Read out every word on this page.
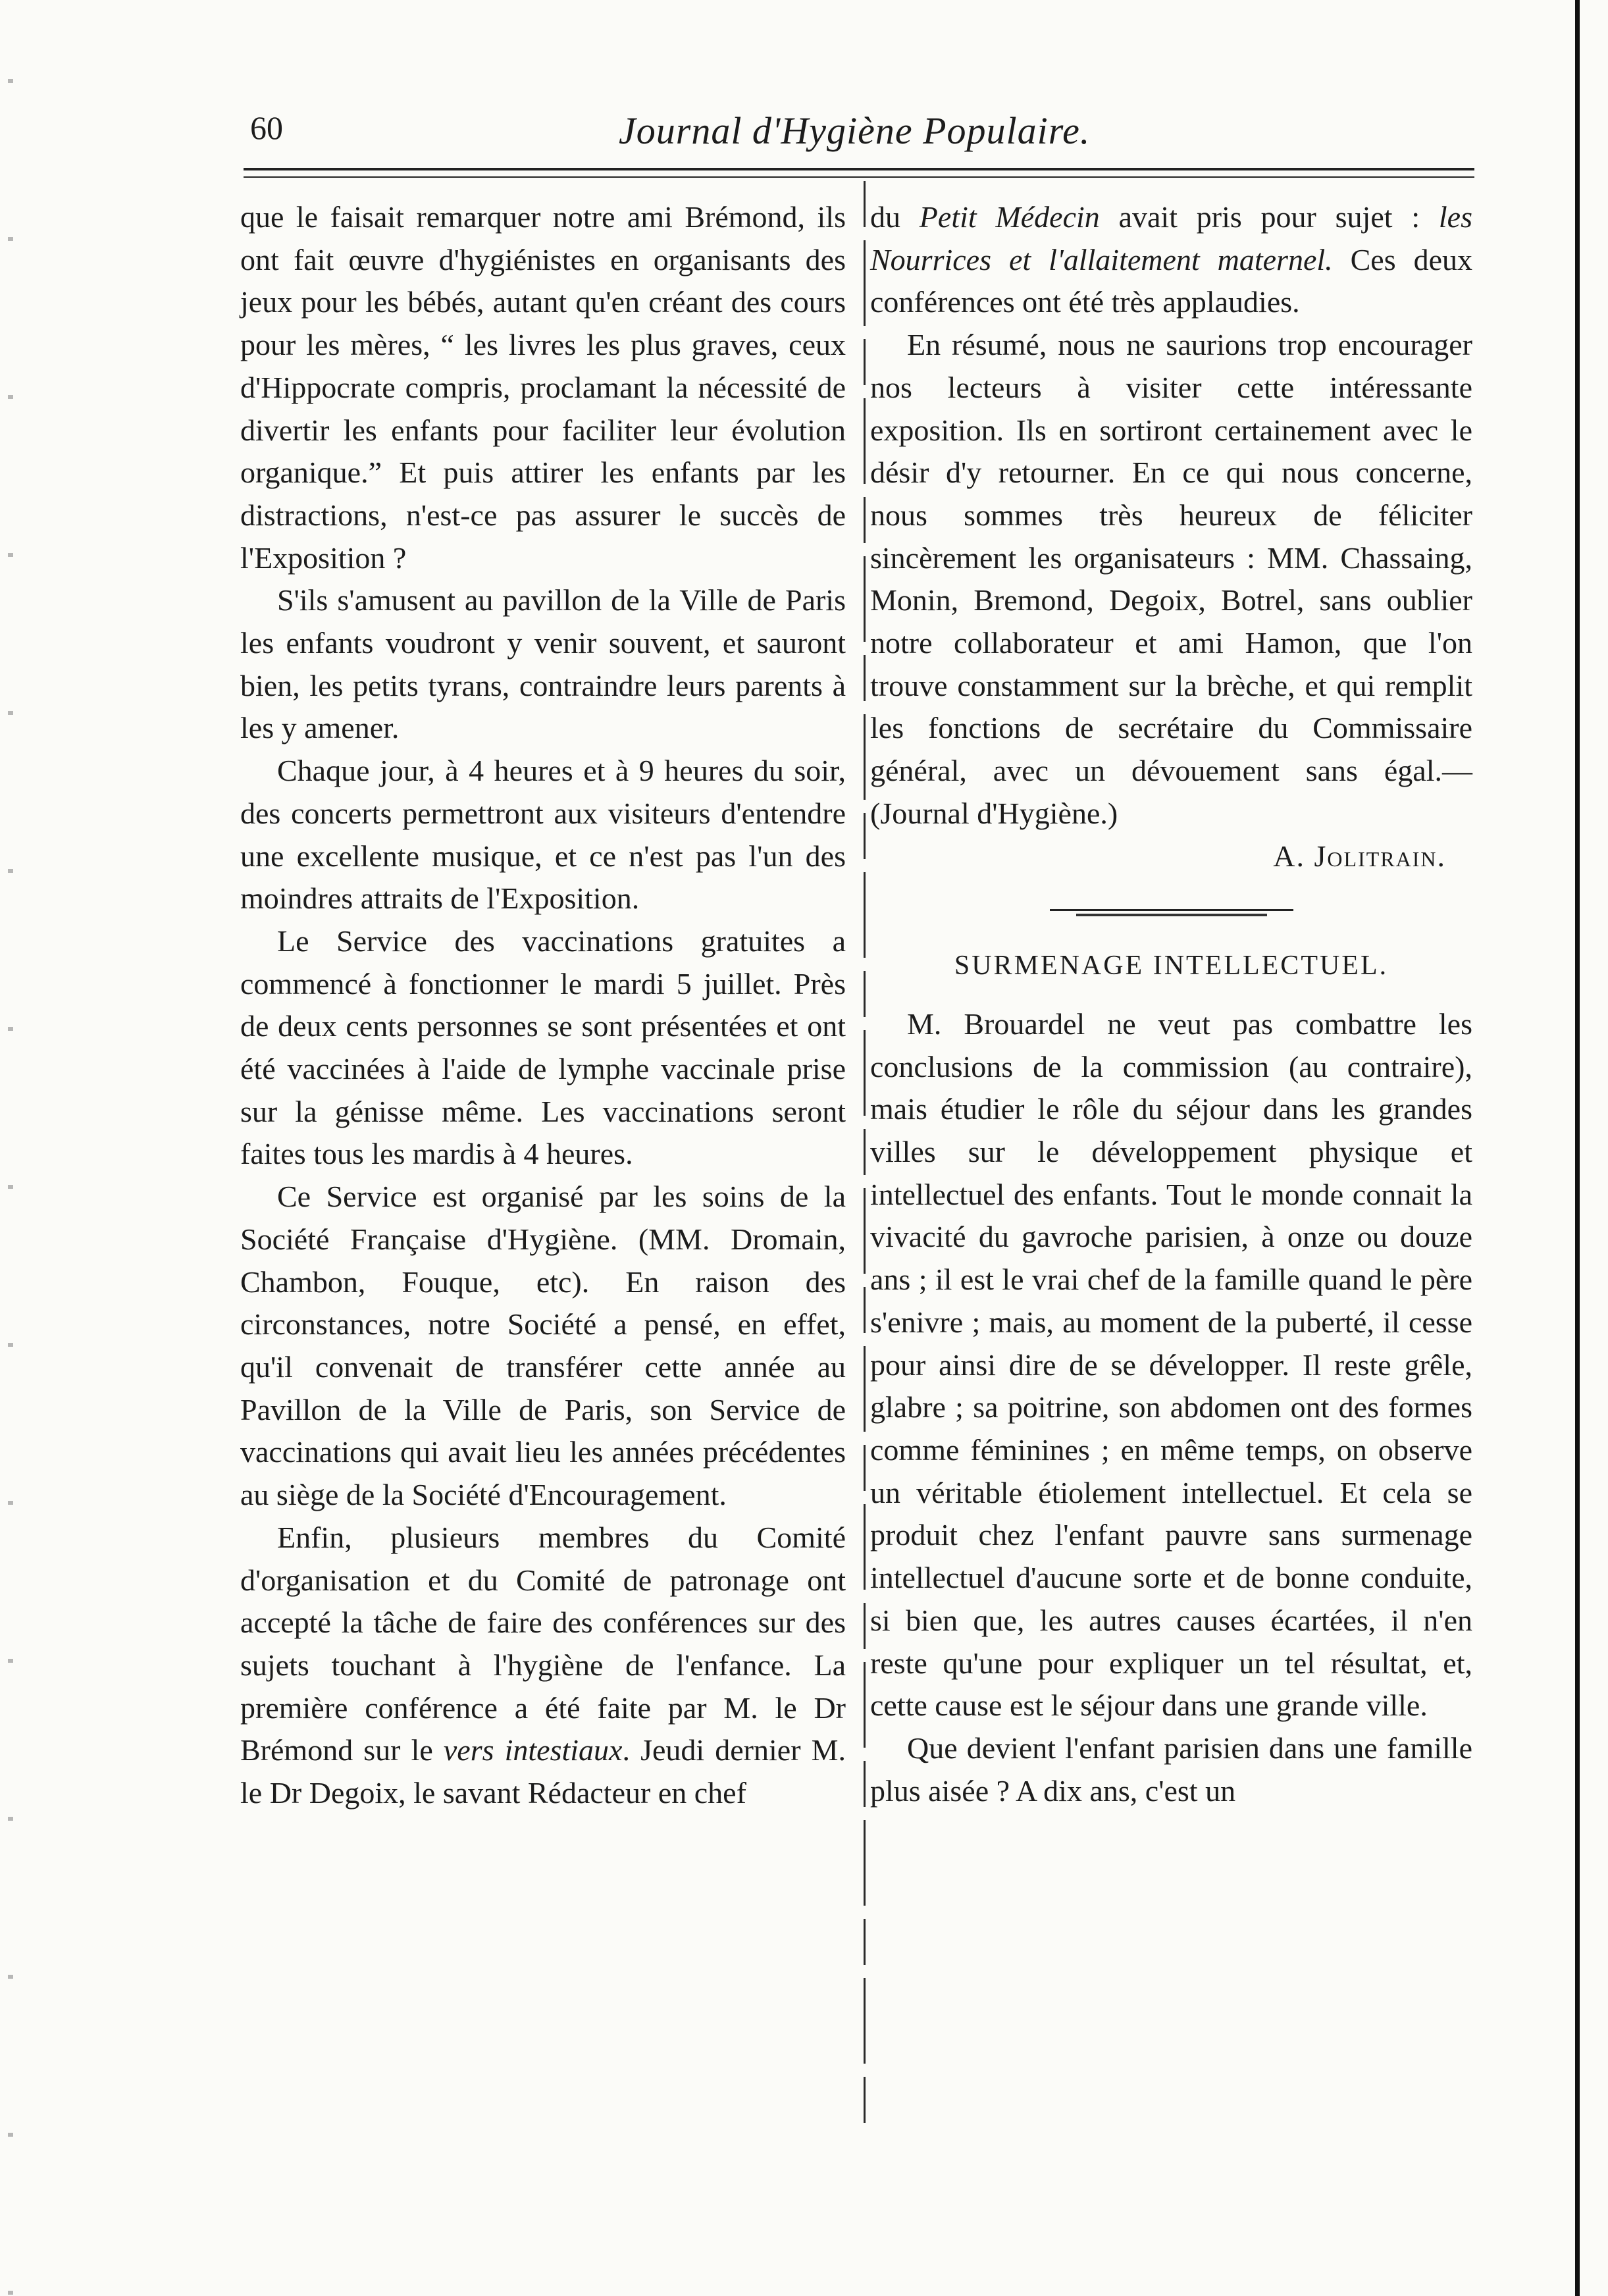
60	Journal d'Hygiène Populaire.

que le faisait remarquer notre ami Brémond, ils ont fait œuvre d'hygiénistes en organisants des jeux pour les bébés, autant qu'en créant des cours pour les mères, “ les livres les plus graves, ceux d'Hippocrate compris, proclamant la nécessité de divertir les enfants pour faciliter leur évolution organique.” Et puis attirer les enfants par les distractions, n'est-ce pas assurer le succès de l'Exposition ?

S'ils s'amusent au pavillon de la Ville de Paris les enfants voudront y venir souvent, et sauront bien, les petits tyrans, contraindre leurs parents à les y amener.

Chaque jour, à 4 heures et à 9 heures du soir, des concerts permettront aux visiteurs d'entendre une excellente musique, et ce n'est pas l'un des moindres attraits de l'Exposition.

Le Service des vaccinations gratuites a commencé à fonctionner le mardi 5 juillet. Près de deux cents personnes se sont présentées et ont été vaccinées à l'aide de lymphe vaccinale prise sur la génisse même. Les vaccinations seront faites tous les mardis à 4 heures.

Ce Service est organisé par les soins de la Société Française d'Hygiène. (MM. Dromain, Chambon, Fouque, etc). En raison des circonstances, notre Société a pensé, en effet, qu'il convenait de transférer cette année au Pavillon de la Ville de Paris, son Service de vaccinations qui avait lieu les années précédentes au siège de la Société d'Encouragement.

Enfin, plusieurs membres du Comité d'organisation et du Comité de patronage ont accepté la tâche de faire des conférences sur des sujets touchant à l'hygiène de l'enfance. La première conférence a été faite par M. le Dr Brémond sur le vers intestiaux. Jeudi dernier M. le Dr Degoix, le savant Rédacteur en chef

du Petit Médecin avait pris pour sujet : les Nourrices et l'allaitement maternel. Ces deux conférences ont été très applaudies.

En résumé, nous ne saurions trop encourager nos lecteurs à visiter cette intéressante exposition. Ils en sortiront certainement avec le désir d'y retourner. En ce qui nous concerne, nous sommes très heureux de féliciter sincèrement les organisateurs : MM. Chassaing, Monin, Bremond, Degoix, Botrel, sans oublier notre collaborateur et ami Hamon, que l'on trouve constamment sur la brèche, et qui remplit les fonctions de secrétaire du Commissaire général, avec un dévouement sans égal.—(Journal d'Hygiène.)

A. Jolitrain.

SURMENAGE INTELLECTUEL.

M. Brouardel ne veut pas combattre les conclusions de la commission (au contraire), mais étudier le rôle du séjour dans les grandes villes sur le développement physique et intellectuel des enfants. Tout le monde connait la vivacité du gavroche parisien, à onze ou douze ans ; il est le vrai chef de la famille quand le père s'enivre ; mais, au moment de la puberté, il cesse pour ainsi dire de se développer. Il reste grêle, glabre ; sa poitrine, son abdomen ont des formes comme féminines ; en même temps, on observe un véritable étiolement intellectuel. Et cela se produit chez l'enfant pauvre sans surmenage intellectuel d'aucune sorte et de bonne conduite, si bien que, les autres causes écartées, il n'en reste qu'une pour expliquer un tel résultat, et, cette cause est le séjour dans une grande ville.

Que devient l'enfant parisien dans une famille plus aisée ? A dix ans, c'est un
